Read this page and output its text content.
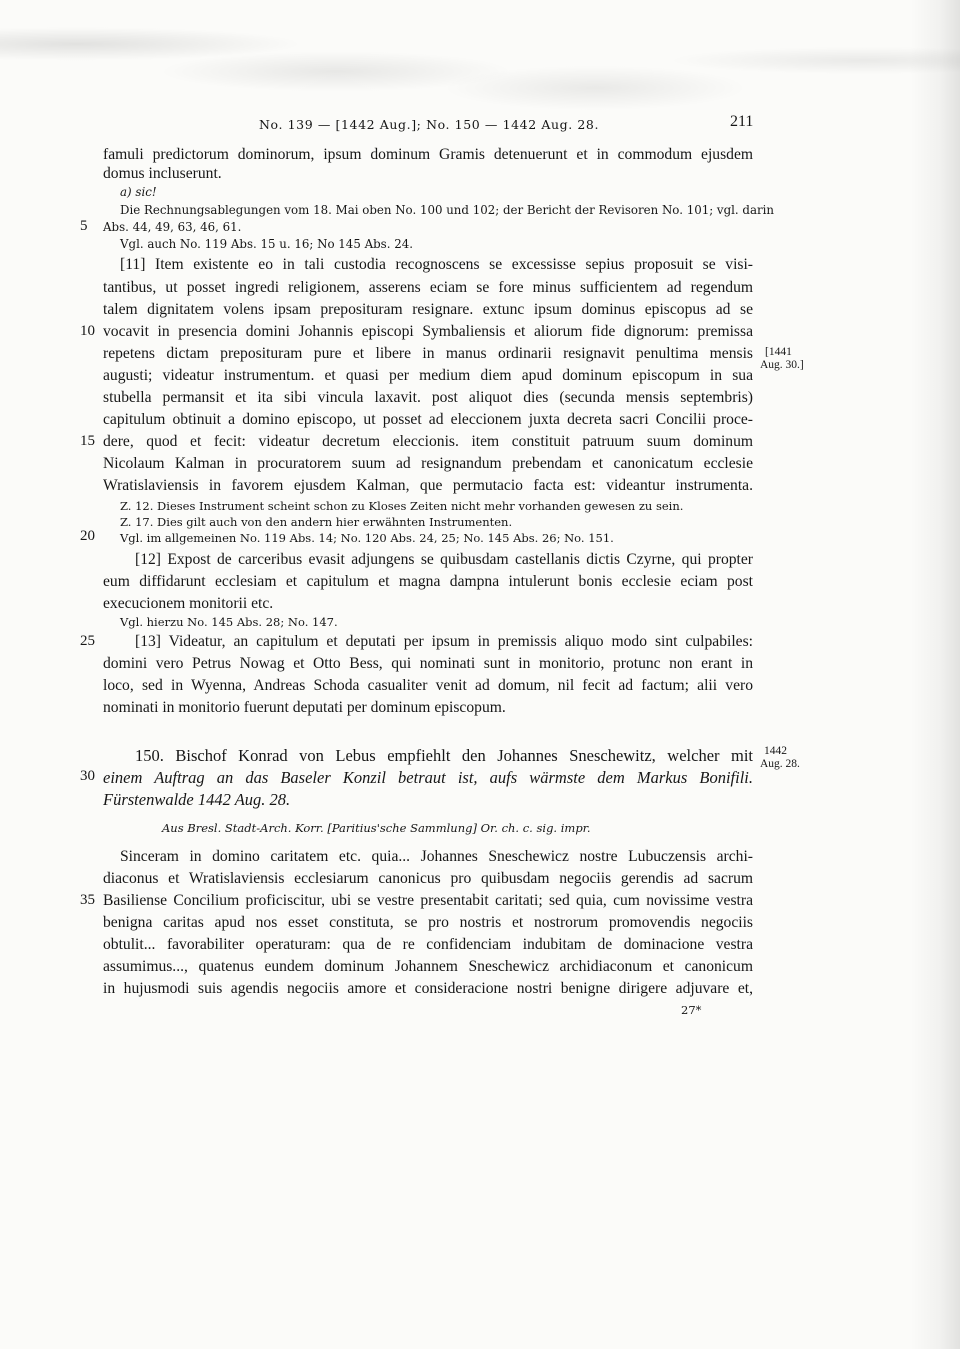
No. 139 — [1442 Aug.]; No. 150 — 1442 Aug. 28.	211
famuli predictorum dominorum, ipsum dominum Gramis detenuerunt et in commodum ejusdem
domus incluserunt.
a) sic!
Die Rechnungsablegungen vom 18. Mai oben No. 100 und 102; der Bericht der Revisoren No. 101; vgl. darin
5 Abs. 44, 49, 63, 46, 61.
Vgl. auch No. 119 Abs. 15 u. 16; No 145 Abs. 24.
[11] Item existente eo in tali custodia recognoscens se excessisse sepius proposuit se visi-
tantibus, ut posset ingredi religionem, asserens eciam se fore minus sufficientem ad regendum
talem dignitatem volens ipsam preposituram resignare. extunc ipsum dominus episcopus ad se
10 vocavit in presencia domini Johannis episcopi Symbaliensis et aliorum fide dignorum: premissa
repetens dictam preposituram pure et libere in manus ordinarii resignavit penultima mensis
augusti; videatur instrumentum. et quasi per medium diem apud dominum episcopum in sua
stubella permansit et ita sibi vincula laxavit. post aliquot dies (secunda mensis septembris)
capitulum obtinuit a domino episcopo, ut posset ad eleccionem juxta decreta sacri Concilii proce-
15 dere, quod et fecit: videatur decretum eleccionis. item constituit patruum suum dominum
Nicolaum Kalman in procuratorem suum ad resignandum prebendam et canonicatum ecclesie
Wratislaviensis in favorem ejusdem Kalman, que permutacio facta est: videantur instrumenta.
[1441
Aug. 30.]
Z. 12. Dieses Instrument scheint schon zu Kloses Zeiten nicht mehr vorhanden gewesen zu sein.
Z. 17. Dies gilt auch von den andern hier erwähnten Instrumenten.
20 Vgl. im allgemeinen No. 119 Abs. 14; No. 120 Abs. 24, 25; No. 145 Abs. 26; No. 151.
[12] Expost de carceribus evasit adjungens se quibusdam castellanis dictis Czyrne, qui propter
eum diffidarunt ecclesiam et capitulum et magna dampna intulerunt bonis ecclesie eciam post
execucionem monitorii etc.
Vgl. hierzu No. 145 Abs. 28; No. 147.
25	[13] Videatur, an capitulum et deputati per ipsum in premissis aliquo modo sint culpabiles:
domini vero Petrus Nowag et Otto Bess, qui nominati sunt in monitorio, protunc non erant in
loco, sed in Wyenna, Andreas Schoda casualiter venit ad domum, nil fecit ad factum; alii vero
nominati in monitorio fuerunt deputati per dominum episcopum.
150. Bischof Konrad von Lebus empfiehlt den Johannes Sneschewitz, welcher mit 1442
Aug. 28.
30 einem Auftrag an das Baseler Konzil betraut ist, aufs wärmste dem Markus Bonifili.
Fürstenwalde 1442 Aug. 28.
Aus Bresl. Stadt-Arch. Korr. [Paritius'sche Sammlung] Or. ch. c. sig. impr.
Sinceram in domino caritatem etc. quia... Johannes Sneschewicz nostre Lubuczensis archi-
diaconus et Wratislaviensis ecclesiarum canonicus pro quibusdam negociis gerendis ad sacrum
35 Basiliense Concilium proficiscitur, ubi se vestre presentabit caritati; sed quia, cum novissime vestra
benigna caritas apud nos esset constituta, se pro nostris et nostrorum promovendis negociis
obtulit... favorabiliter operaturam: qua de re confidenciam indubitam de dominacione vestra
assumimus..., quatenus eundem dominum Johannem Sneschewicz archidiaconum et canonicum
in hujusmodi suis agendis negociis amore et consideracione nostri benigne dirigere adjuvare et,
27*
